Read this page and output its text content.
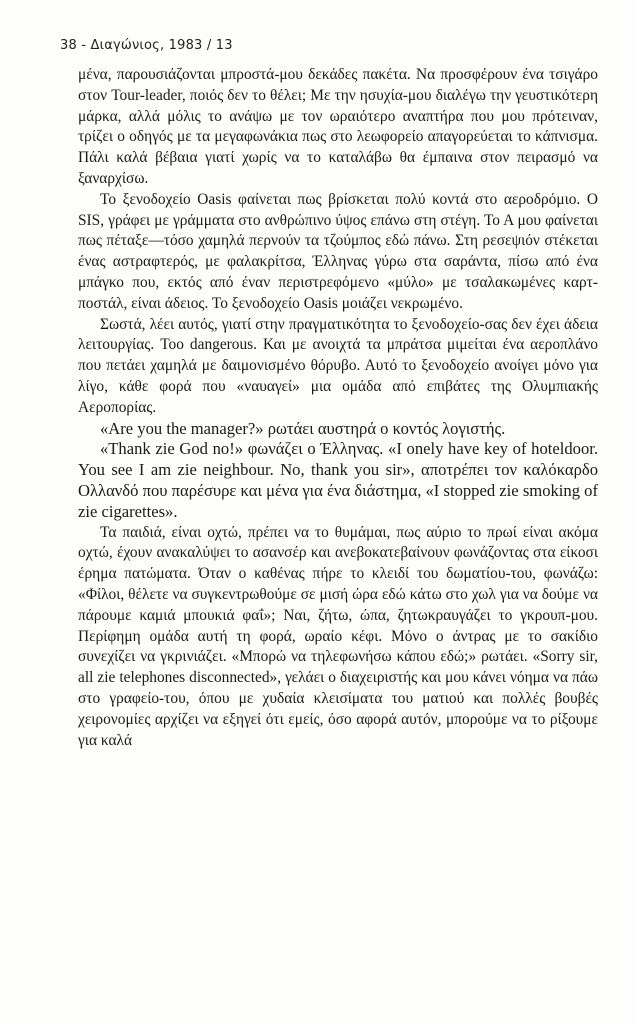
38 - Διαγώνιος, 1983 / 13

μένα, παρουσιάζονται μπροστά-μου δεκάδες πακέτα. Να προσφέρουν ένα τσιγάρο στον Tour-leader, ποιός δεν το θέλει; Με την ησυχία-μου διαλέγω την γευστικότερη μάρκα, αλλά μόλις το ανάψω με τον ωραιότερο αναπτήρα που μου πρότειναν, τρίζει ο οδηγός με τα μεγαφωνάκια πως στο λεωφορείο απαγορεύεται το κάπνισμα. Πάλι καλά βέβαια γιατί χωρίς να το καταλάβω θα έμπαινα στον πειρασμό να ξαναρχίσω.

Το ξενοδοχείο Oasis φαίνεται πως βρίσκεται πολύ κοντά στο αεροδρόμιο. Ο SIS, γράφει με γράμματα στο ανθρώπινο ύψος επάνω στη στέγη. Το Α μου φαίνεται πως πέταξε—τόσο χαμηλά περνούν τα τζούμπος εδώ πάνω. Στη ρεσεψιόν στέκεται ένας αστραφτερός, με φαλακρίτσα, Έλληνας γύρω στα σαράντα, πίσω από ένα μπάγκο που, εκτός από έναν περιστρεφόμενο «μύλο» με τσαλακωμένες καρτ-ποστάλ, είναι άδειος. Το ξενοδοχείο Oasis μοιάζει νεκρωμένο.

Σωστά, λέει αυτός, γιατί στην πραγματικότητα το ξενοδοχείο-σας δεν έχει άδεια λειτουργίας. Too dangerous. Και με ανοιχτά τα μπράτσα μιμείται ένα αεροπλάνο που πετάει χαμηλά με δαιμονισμένο θόρυβο. Αυτό το ξενοδοχείο ανοίγει μόνο για λίγο, κάθε φορά που «ναυαγεί» μια ομάδα από επιβάτες της Ολυμπιακής Αεροπορίας.

«Are you the manager?» ρωτάει αυστηρά ο κοντός λογιστής.

«Thank zie God no!» φωνάζει ο Έλληνας. «I onely have key of hoteldoor. You see I am zie neighbour. No, thank you sir», αποτρέπει τον καλόκαρδο Ολλανδό που παρέσυρε και μένα για ένα διάστημα, «I stopped zie smoking of zie cigarettes».

Τα παιδιά, είναι οχτώ, πρέπει να το θυμάμαι, πως αύριο το πρωί είναι ακόμα οχτώ, έχουν ανακαλύψει το ασανσέρ και ανεβοκατεβαίνουν φωνάζοντας στα είκοσι έρημα πατώματα. Όταν ο καθένας πήρε το κλειδί του δωματίου-του, φωνάζω: «Φίλοι, θέλετε να συγκεντρωθούμε σε μισή ώρα εδώ κάτω στο χωλ για να δούμε να πάρουμε καμιά μπουκιά φαΐ»; Ναι, ζήτω, ώπα, ζητωκραυγάζει το γκρουπ-μου. Περίφημη ομάδα αυτή τη φορά, ωραίο κέφι. Μόνο ο άντρας με το σακίδιο συνεχίζει να γκρινιάζει. «Μπορώ να τηλεφωνήσω κάπου εδώ;» ρωτάει. «Sorry sir, all zie telephones disconnected», γελάει ο διαχειριστής και μου κάνει νόημα να πάω στο γραφείο-του, όπου με χυδαία κλεισίματα του ματιού και πολλές βουβές χειρονομίες αρχίζει να εξηγεί ότι εμείς, όσο αφορά αυτόν, μπορούμε να το ρίξουμε για καλά
